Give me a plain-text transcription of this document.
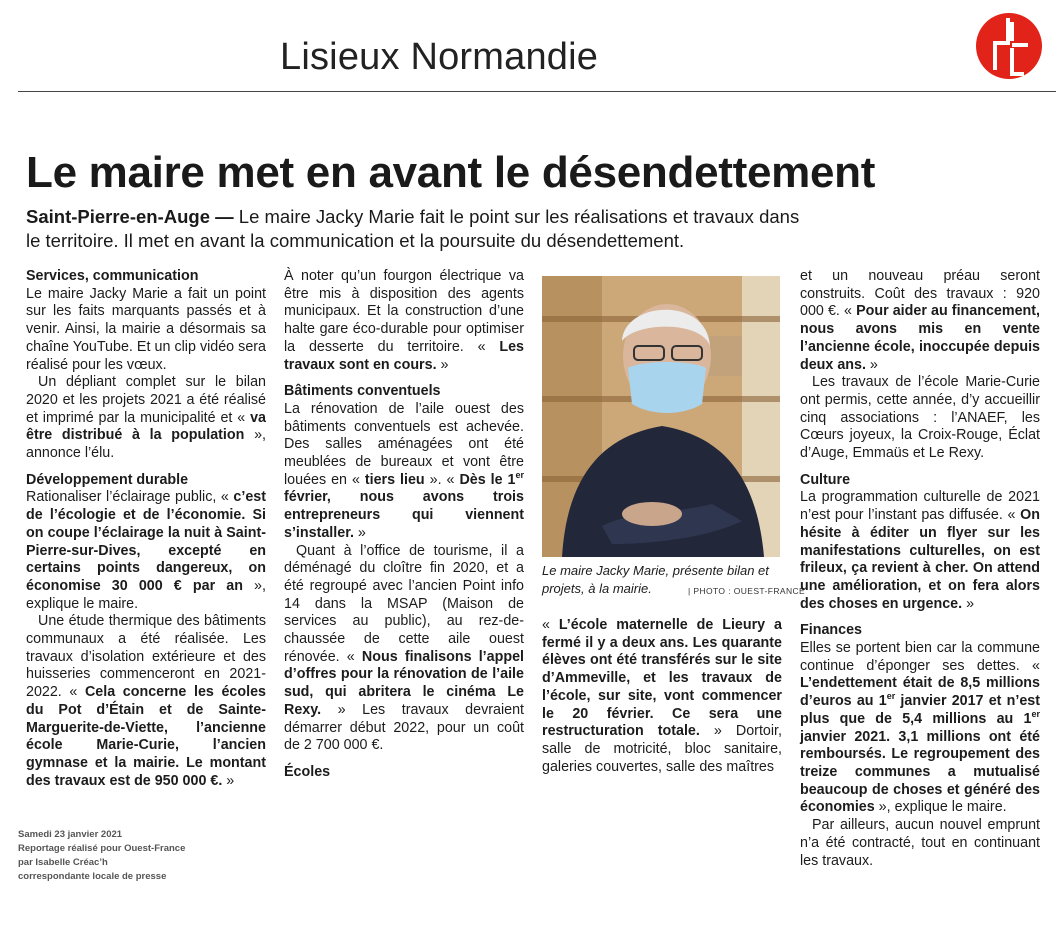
Lisieux Normandie
Le maire met en avant le désendettement

Saint-Pierre-en-Auge — Le maire Jacky Marie fait le point sur les réalisations et travaux dans le territoire. Il met en avant la communication et la poursuite du désendettement.

Services, communication

Le maire Jacky Marie a fait un point sur les faits marquants passés et à venir. Ainsi, la mairie a désormais sa chaîne YouTube. Et un clip vidéo sera réalisé pour les vœux.

Un dépliant complet sur le bilan 2020 et les projets 2021 a été réalisé et imprimé par la municipalité et « va être distribué à la population », annonce l’élu.

Développement durable

Rationaliser l’éclairage public, « c’est de l’écologie et de l’économie. Si on coupe l’éclairage la nuit à Saint-Pierre-sur-Dives, excepté en certains points dangereux, on économise 30 000 € par an », explique le maire.

Une étude thermique des bâtiments communaux a été réalisée. Les travaux d’isolation extérieure et des huisseries commenceront en 2021-2022. « Cela concerne les écoles du Pot d’Étain et de Sainte-Marguerite-de-Viette, l’ancienne école Marie-Curie, l’ancien gymnase et la mairie. Le montant des travaux est de 950 000 €. »

À noter qu’un fourgon électrique va être mis à disposition des agents municipaux. Et la construction d’une halte gare éco-durable pour optimiser la desserte du territoire. « Les travaux sont en cours. »

Bâtiments conventuels

La rénovation de l’aile ouest des bâtiments conventuels est achevée. Des salles aménagées ont été meublées de bureaux et vont être louées en « tiers lieu ». « Dès le 1er février, nous avons trois entrepreneurs qui viennent s’installer. »

Quant à l’office de tourisme, il a déménagé du cloître fin 2020, et a été regroupé avec l’ancien Point info 14 dans la MSAP (Maison de services au public), au rez-de-chaussée de cette aile ouest rénovée. « Nous finalisons l’appel d’offres pour la rénovation de l’aile sud, qui abritera le cinéma Le Rexy. » Les travaux devraient démarrer début 2022, pour un coût de 2 700 000 €.

Écoles

Le maire Jacky Marie, présente bilan et projets, à la mairie.	| PHOTO : OUEST-FRANCE

« L’école maternelle de Lieury a fermé il y a deux ans. Les quarante élèves ont été transférés sur le site d’Ammeville, et les travaux de l’école, sur site, vont commencer le 20 février. Ce sera une restructuration totale. » Dortoir, salle de motricité, bloc sanitaire, galeries couvertes, salle des maîtres

et un nouveau préau seront construits. Coût des travaux : 920 000 €. « Pour aider au financement, nous avons mis en vente l’ancienne école, inoccupée depuis deux ans. »

Les travaux de l’école Marie-Curie ont permis, cette année, d’y accueillir cinq associations : l’ANAEF, les Cœurs joyeux, la Croix-Rouge, Éclat d’Auge, Emmaüs et Le Rexy.

Culture

La programmation culturelle de 2021 n’est pour l’instant pas diffusée. « On hésite à éditer un flyer sur les manifestations culturelles, on est frileux, ça revient à cher. On attend une amélioration, et on fera alors des choses en urgence. »

Finances

Elles se portent bien car la commune continue d’éponger ses dettes. « L’endettement était de 8,5 millions d’euros au 1er janvier 2017 et n’est plus que de 5,4 millions au 1er janvier 2021. 3,1 millions ont été remboursés. Le regroupement des treize communes a mutualisé beaucoup de choses et généré des économies », explique le maire.

Par ailleurs, aucun nouvel emprunt n’a été contracté, tout en continuant les travaux.

Samedi 23 janvier 2021
Reportage réalisé pour Ouest-France
par Isabelle Créac’h
correspondante locale de presse
